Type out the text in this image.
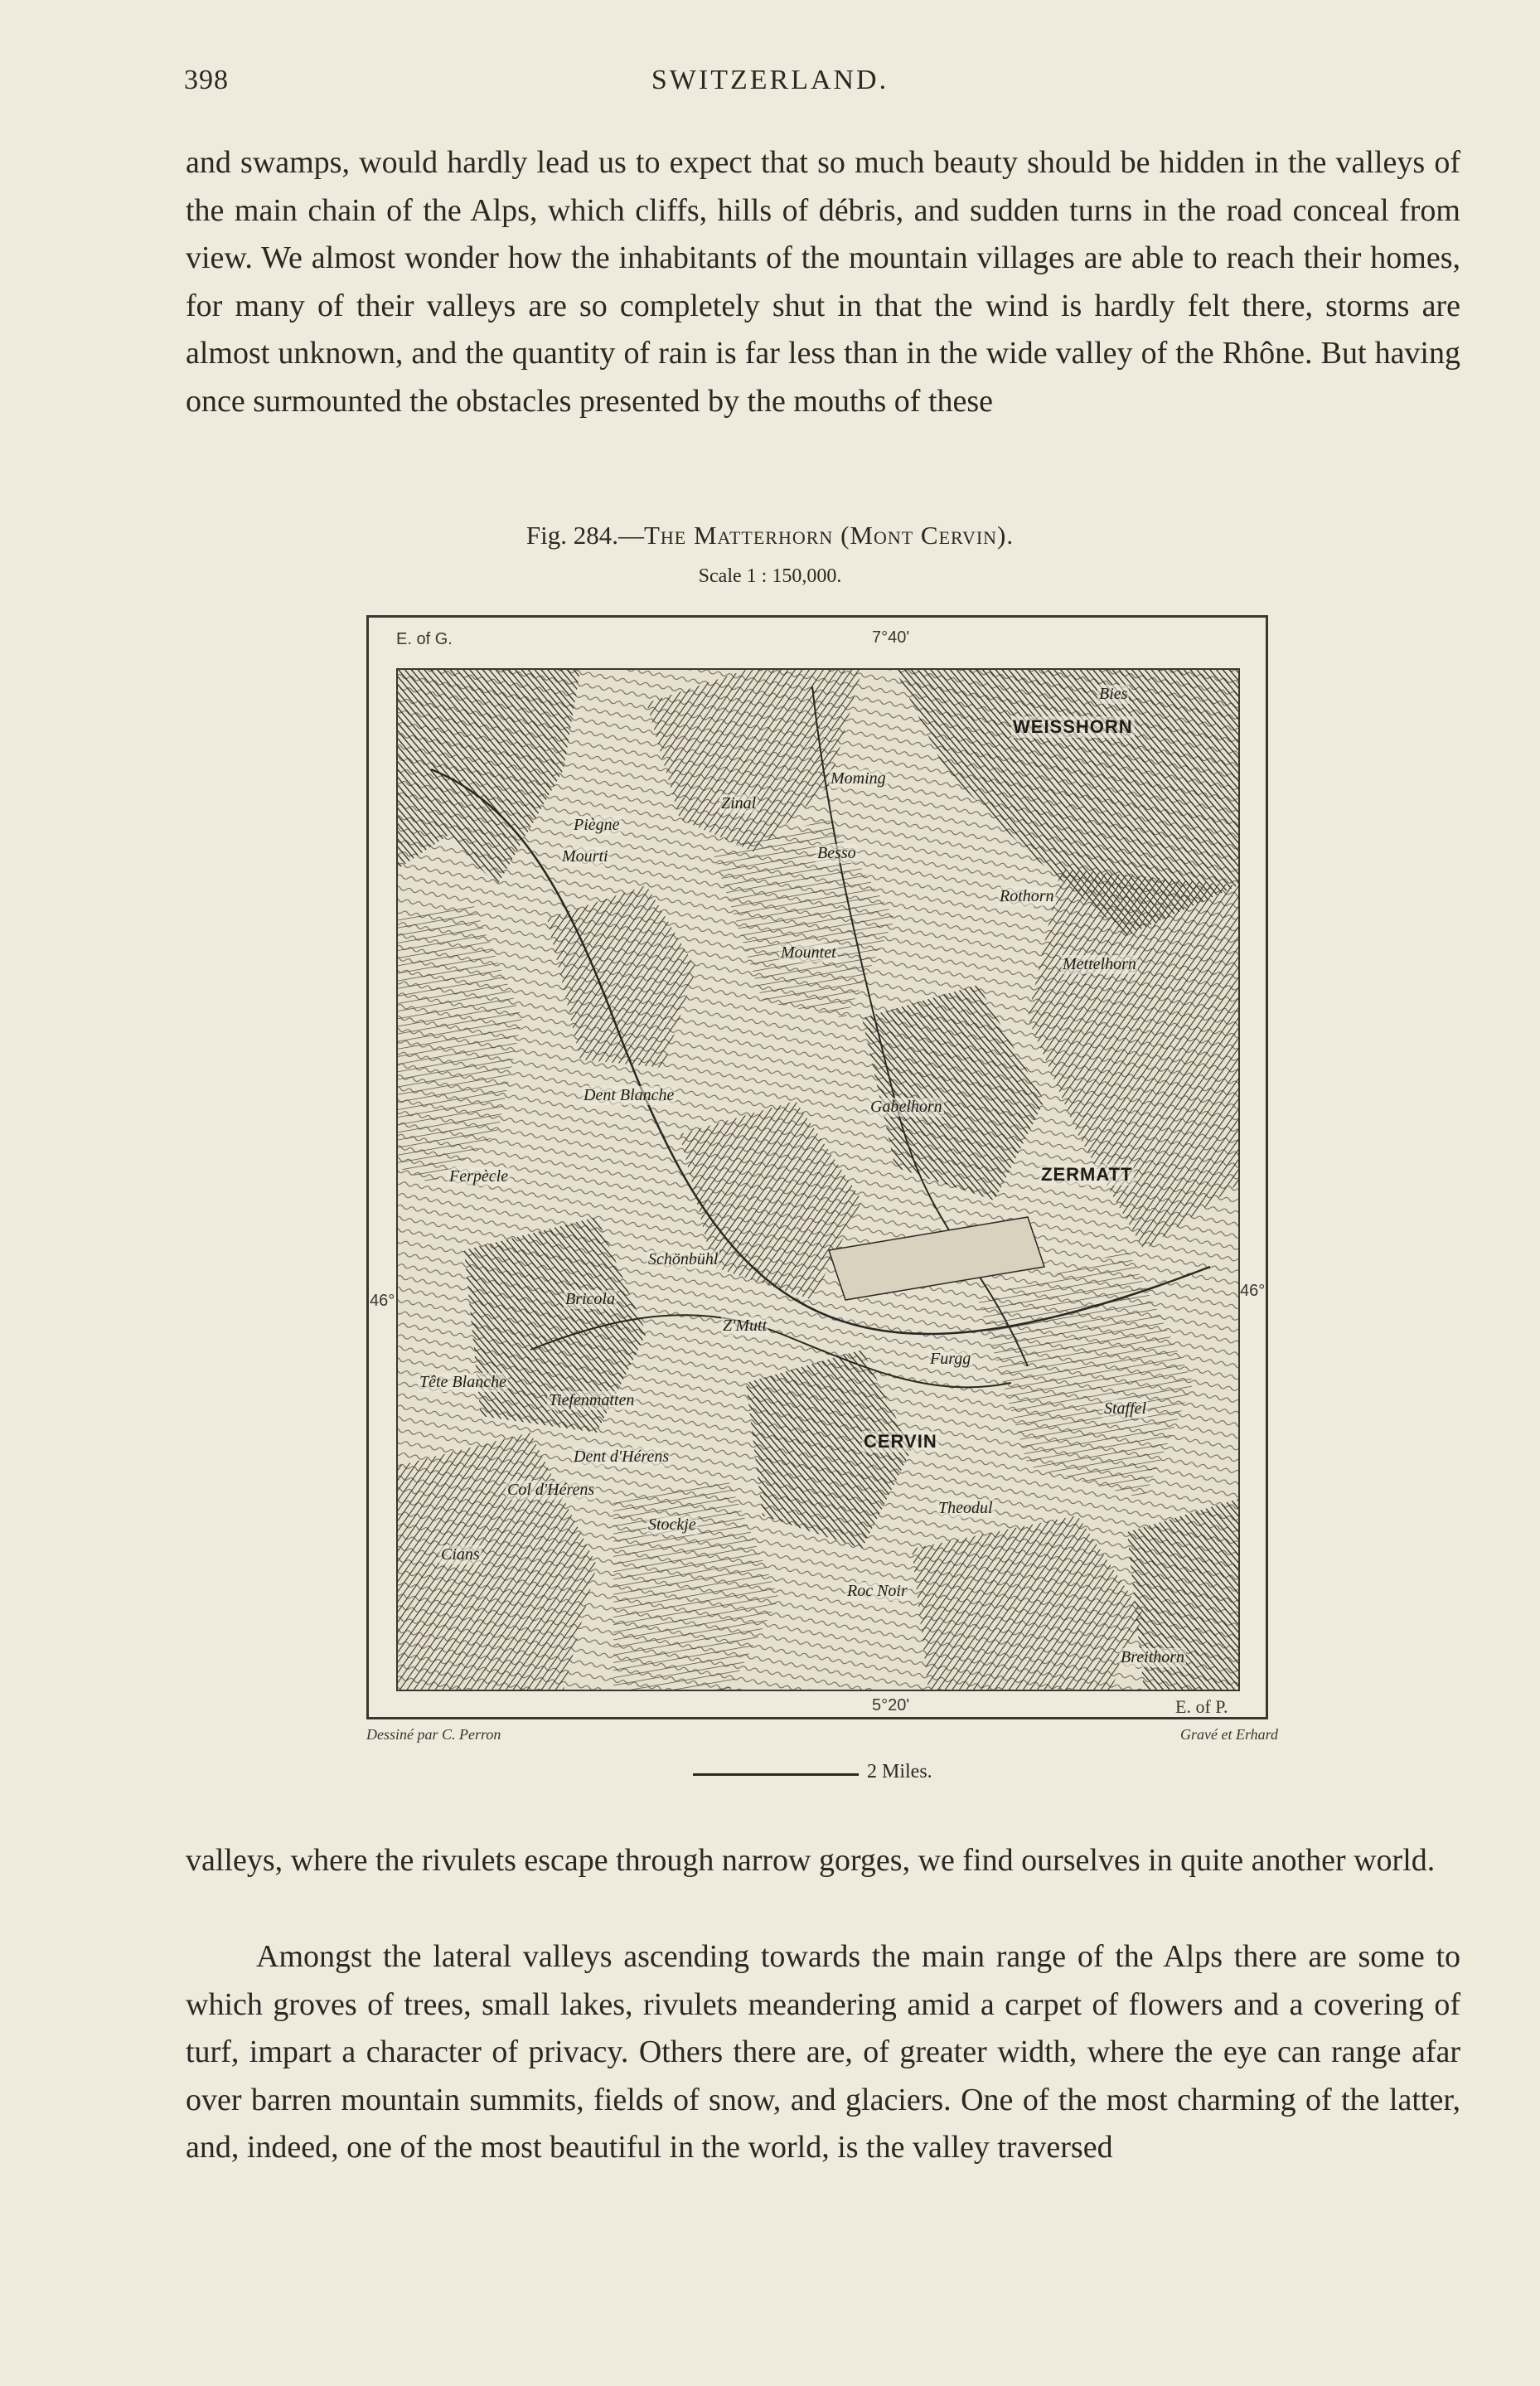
398	SWITZERLAND.

and swamps, would hardly lead us to expect that so much beauty should be hidden in the valleys of the main chain of the Alps, which cliffs, hills of débris, and sudden turns in the road conceal from view. We almost wonder how the inhabitants of the mountain villages are able to reach their homes, for many of their valleys are so completely shut in that the wind is hardly felt there, storms are almost unknown, and the quantity of rain is far less than in the wide valley of the Rhône. But having once surmounted the obstacles presented by the mouths of these

Fig. 284.—The Matterhorn (Mont Cervin).
Scale 1 : 150,000.
E. of G.	7°40'
5°20'	E. of P.
46°
46°
WEISSHORN
Bies
Piègne
Mourti
Zinal
Moming
Besso
Mountet
Rothorn
Mettelhorn
Dent Blanche
Gabelhorn
ZERMATT
Ferpècle
Schönbühl
Bricola
Z'Mutt
Tête Blanche
Tiefenmatten
Dent d'Hérens
Col d'Hérens
CERVIN
Furgg
Stockje
Cians
Roc Noir
Theodul
Staffel
Breithorn
Dessiné par C. Perron	Gravé et Erhard
2 Miles.

valleys, where the rivulets escape through narrow gorges, we find ourselves in quite another world.

Amongst the lateral valleys ascending towards the main range of the Alps there are some to which groves of trees, small lakes, rivulets meandering amid a carpet of flowers and a covering of turf, impart a character of privacy. Others there are, of greater width, where the eye can range afar over barren mountain summits, fields of snow, and glaciers. One of the most charming of the latter, and, indeed, one of the most beautiful in the world, is the valley traversed
